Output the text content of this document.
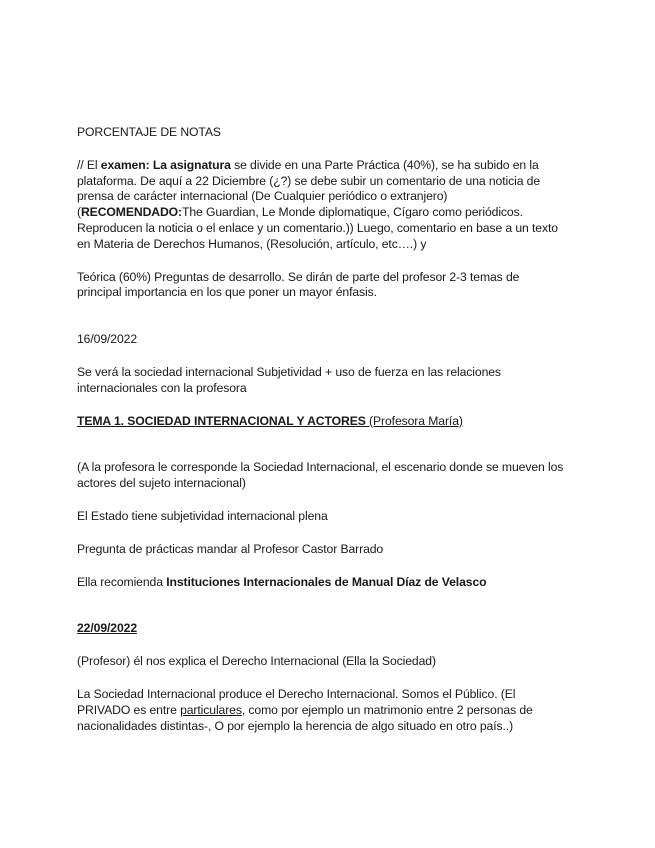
PORCENTAJE DE NOTAS

// El examen: La asignatura se divide en una Parte Práctica (40%), se ha subido en la

plataforma. De aquí a 22 Diciembre (¿?) se debe subir un comentario de una noticia de

prensa de carácter internacional (De Cualquier periódico o extranjero)

(RECOMENDADO:The Guardian, Le Monde diplomatique, Cígaro como periódicos.

Reproducen la noticia o el enlace y un comentario.)) Luego, comentario en base a un texto

en Materia de Derechos Humanos, (Resolución, artículo, etc….) y

Teórica (60%) Preguntas de desarrollo. Se dirán de parte del profesor 2-3 temas de

principal importancia en los que poner un mayor énfasis.

16/09/2022

Se verá la sociedad internacional Subjetividad + uso de fuerza en las relaciones

internacionales con la profesora

TEMA 1. SOCIEDAD INTERNACIONAL Y ACTORES (Profesora María)

(A la profesora le corresponde la Sociedad Internacional, el escenario donde se mueven los

actores del sujeto internacional)

El Estado tiene subjetividad internacional plena

Pregunta de prácticas mandar al Profesor Castor Barrado

Ella recomienda Instituciones Internacionales de Manual Díaz de Velasco

22/09/2022

(Profesor) él nos explica el Derecho Internacional (Ella la Sociedad)

La Sociedad Internacional produce el Derecho Internacional. Somos el Público. (El

PRIVADO es entre particulares, como por ejemplo un matrimonio entre 2 personas de

nacionalidades distintas-, O por ejemplo la herencia de algo situado en otro país..)
